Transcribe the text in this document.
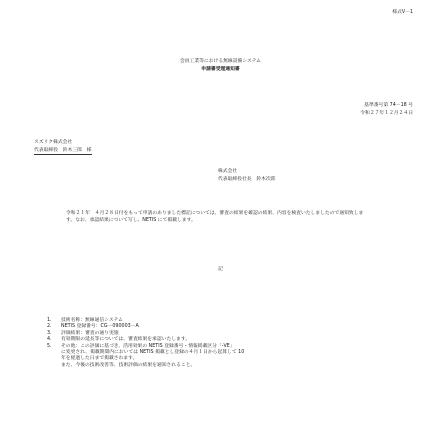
様式V－1
会員工業等における無線設備システム
申請書受理通知書
基準番号第 74－18 号
令和２７年１２月２４日
スズリク株式会社
代表取締役　鈴木三郎　様
株式会社
代表取締役社長　鈴木次郎
令和２１年　４月２８日付をもって申請のありました標記については、審査の結果を確認の結果、内容を検査いたしましたので通知致します。なお、承認結果について写し。NETIS にて掲載します。
記
1.	技術名称：無線通信システム
2.	NETIS 登録番号：CG－090003－A
3.	評価結果：審査の通り実施
4.	有効期限の延長等については、審査結果を承認いたします。
5.	その他：この評価に基づき、活用効果の NETIS 登録番号・情報掲載区分「-VE」
に変更され、掲載期間内においては NETIS 掲載とし登録の４月１日から起算して 10
年を経過した日まで掲載されます。
また、今後の技術改善等、技術評価の結果を通知されること。
